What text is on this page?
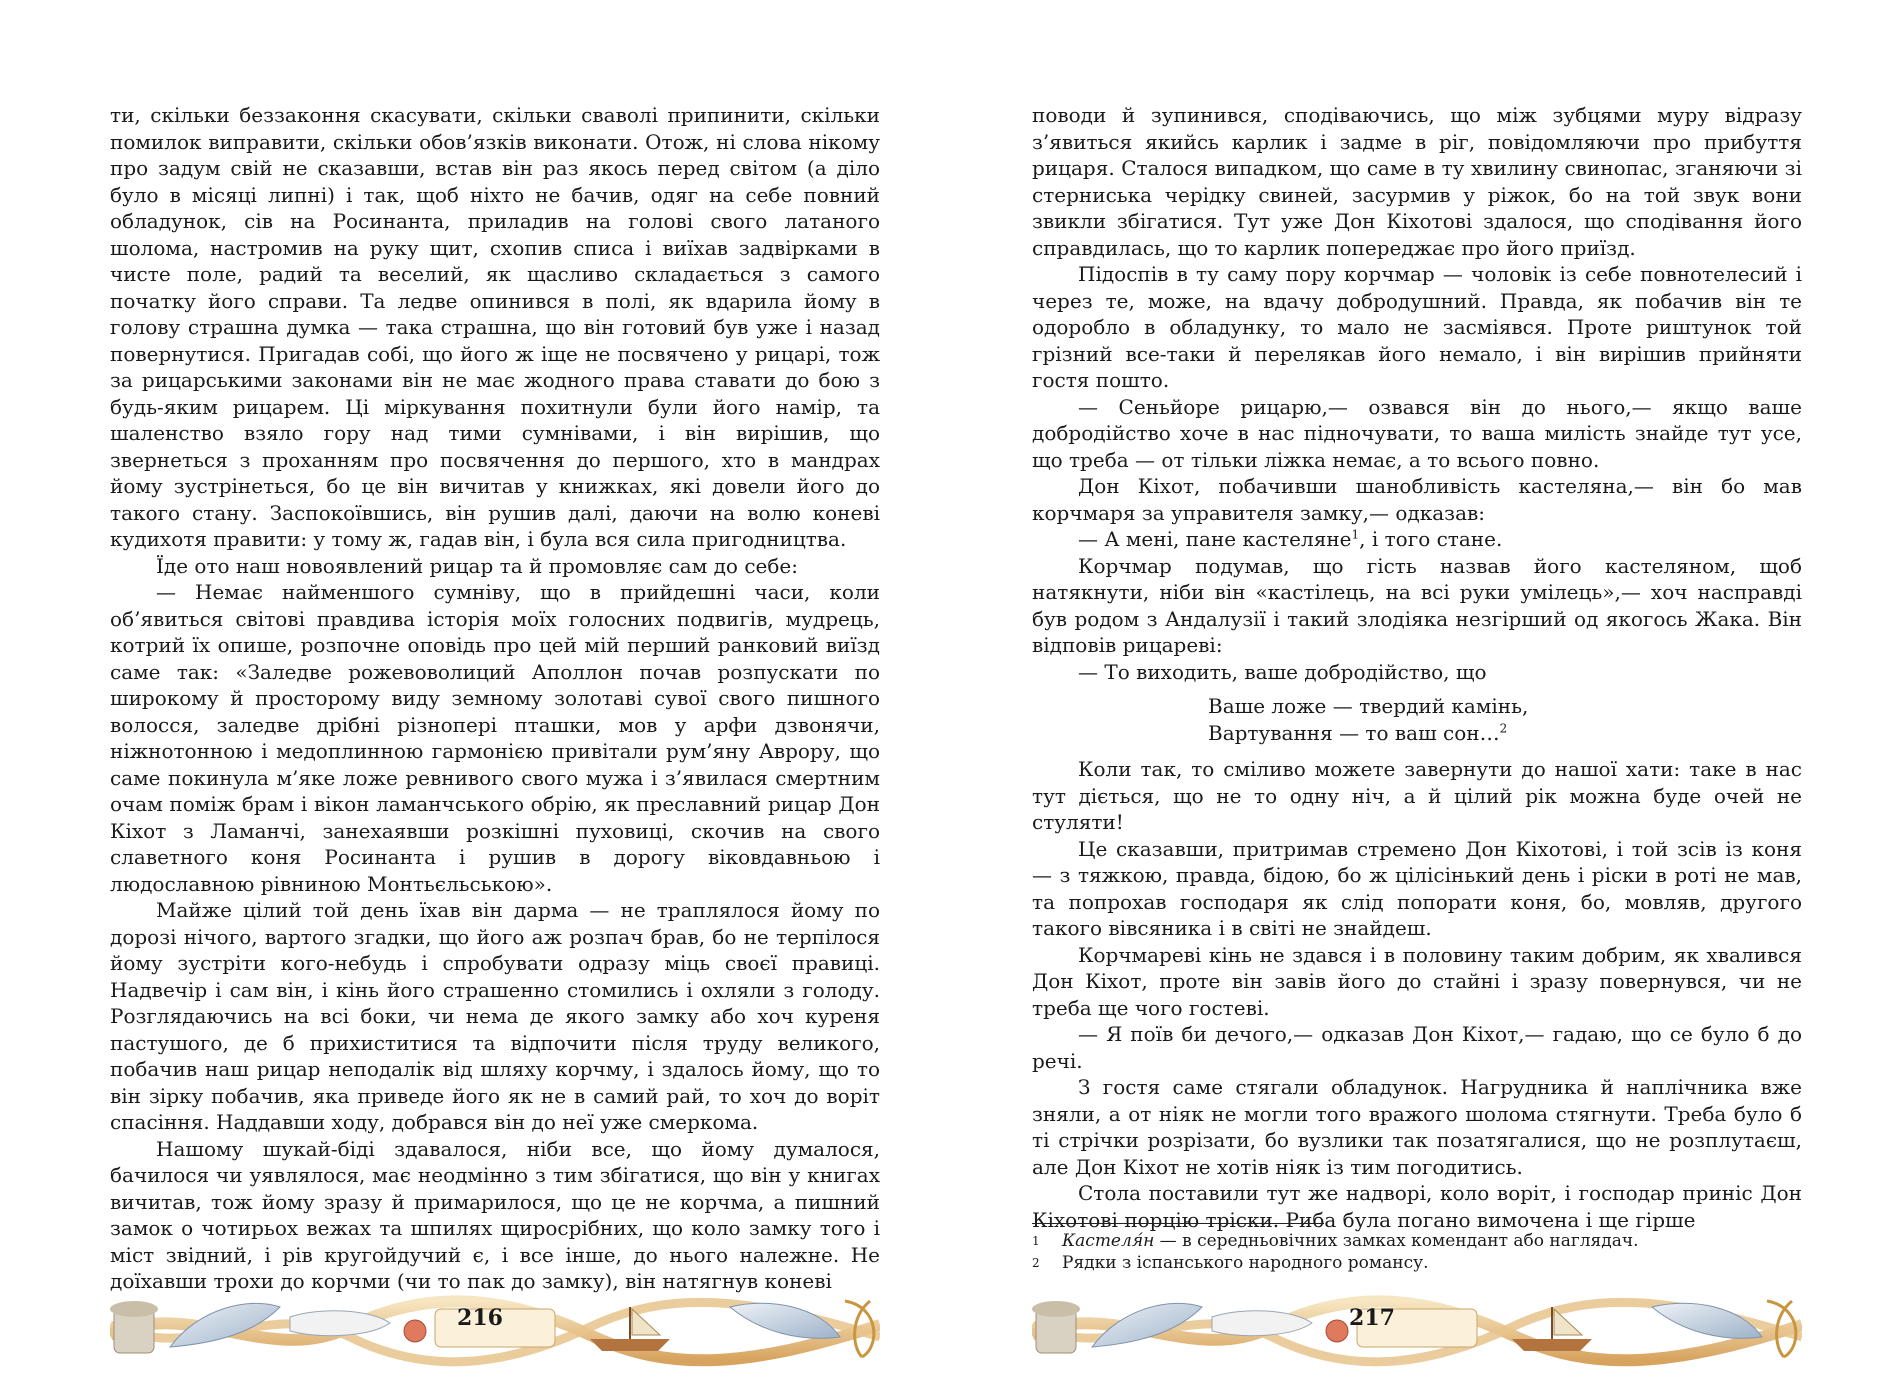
ти, скільки беззаконня скасувати, скільки сваволі припинити, скільки помилок виправити, скільки обов’язків виконати. Отож, ні слова нікому про задум свій не сказавши, встав він раз якось перед світом (а діло було в місяці липні) і так, щоб ніхто не бачив, одяг на себе повний обладунок, сів на Росинанта, приладив на голові свого латаного шолома, настромив на руку щит, схопив списа і виїхав задвірками в чисте поле, радий та веселий, як щасливо складається з самого початку його справи. Та ледве опинився в полі, як вдарила йому в голову страшна думка — така страшна, що він готовий був уже і назад повернутися. Пригадав собі, що його ж іще не посвячено у рицарі, тож за рицарськими законами він не має жодного права ставати до бою з будь-яким рицарем. Ці міркування похитнули були його намір, та шаленство взяло гору над тими сумнівами, і він вирішив, що звернеться з проханням про посвячення до першого, хто в мандрах йому зустрінеться, бо це він вичитав у книжках, які довели його до такого стану. Заспокоївшись, він рушив далі, даючи на волю коневі кудихотя правити: у тому ж, гадав він, і була вся сила пригодництва.

Їде ото наш новоявлений рицар та й промовляє сам до себе:

— Немає найменшого сумніву, що в прийдешні часи, коли об’явиться світові правдива історія моїх голосних подвигів, мудрець, котрий їх опише, розпочне оповідь про цей мій перший ранковий виїзд саме так: «Заледве рожевоволиций Аполлон почав розпускати по широкому й просторому виду земному золотаві сувої свого пишного волосся, заледве дрібні різнопері пташки, мов у арфи дзвонячи, ніжнотонною і медоплинною гармонією привітали рум’яну Аврору, що саме покинула м’яке ложе ревнивого свого мужа і з’явилася смертним очам поміж брам і вікон ламанчського обрію, як преславний рицар Дон Кіхот з Ламанчі, занехаявши розкішні пуховиці, скочив на свого славетного коня Росинанта і рушив в дорогу віковдавньою і людославною рівниною Монтьєльською».

Майже цілий той день їхав він дарма — не траплялося йому по дорозі нічого, вартого згадки, що його аж розпач брав, бо не терпілося йому зустріти кого-небудь і спробувати одразу міць своєї правиці. Надвечір і сам він, і кінь його страшенно стомились і охляли з голоду. Розглядаючись на всі боки, чи нема де якого замку або хоч куреня пастушого, де б прихиститися та відпочити після труду великого, побачив наш рицар неподалік від шляху корчму, і здалось йому, що то він зірку побачив, яка приведе його як не в самий рай, то хоч до воріт спасіння. Наддавши ходу, добрався він до неї уже смеркома.

Нашому шукай-біді здавалося, ніби все, що йому думалося, бачилося чи уявлялося, має неодмінно з тим збігатися, що він у книгах вичитав, тож йому зразу й примарилося, що це не корчма, а пишний замок о чотирьох вежах та шпилях щиросрібних, що коло замку того і міст звідний, і рів кругойдучий є, і все інше, до нього належне. Не доїхавши трохи до корчми (чи то пак до замку), він натягнув коневі

216

поводи й зупинився, сподіваючись, що між зубцями муру відразу з’явиться якийсь карлик і задме в ріг, повідомляючи про прибуття рицаря. Сталося випадком, що саме в ту хвилину свинопас, зганяючи зі стерниська черідку свиней, засурмив у ріжок, бо на той звук вони звикли збігатися. Тут уже Дон Кіхотові здалося, що сподівання його справдилась, що то карлик попереджає про його приїзд.

Підоспів в ту саму пору корчмар — чоловік із себе повнотелесий і через те, може, на вдачу добродушний. Правда, як побачив він те одоробло в обладунку, то мало не засміявся. Проте риштунок той грізний все-таки й перелякав його немало, і він вирішив прийняти гостя пошто.

— Сеньйоре рицарю,— озвався він до нього,— якщо ваше добродійство хоче в нас підночувати, то ваша милість знайде тут усе, що треба — от тільки ліжка немає, а то всього повно.

Дон Кіхот, побачивши шанобливість кастеляна,— він бо мав корчмаря за управителя замку,— одказав:

— А мені, пане кастеляне$^1$, і того стане.

Корчмар подумав, що гість назвав його кастеляном, щоб натякнути, ніби він «кастілець, на всі руки умілець»,— хоч насправді був родом з Андалузії і такий злодіяка незгірший од якогось Жака. Він відповів рицареві:

— То виходить, ваше добродійство, що

Ваше ложе — твердий камінь,
Вартування — то ваш сон…$^2$

Коли так, то сміливо можете завернути до нашої хати: таке в нас тут діється, що не то одну ніч, а й цілий рік можна буде очей не стуляти!

Це сказавши, притримав стремено Дон Кіхотові, і той зсів із коня — з тяжкою, правда, бідою, бо ж цілісінький день і ріски в роті не мав, та попрохав господаря як слід попорати коня, бо, мовляв, другого такого вівсяника і в світі не знайдеш.

Корчмареві кінь не здався і в половину таким добрим, як хвалився Дон Кіхот, проте він завів його до стайні і зразу повернувся, чи не треба ще чого гостеві.

— Я поїв би дечого,— одказав Дон Кіхот,— гадаю, що се було б до речі.

З гостя саме стягали обладунок. Нагрудника й наплічника вже зняли, а от ніяк не могли того вражого шолома стягнути. Треба було б ті стрічки розрізати, бо вузлики так позатягалися, що не розплутаєш, але Дон Кіхот не хотів ніяк із тим погодитись.

Стола поставили тут же надворі, коло воріт, і господар приніс Дон Кіхотові порцію тріски. Риба була погано вимочена і ще гірше

1	Кастеля́н — в середньовічних замках комендант або наглядач.
2	Рядки з іспанського народного романсу.
217
